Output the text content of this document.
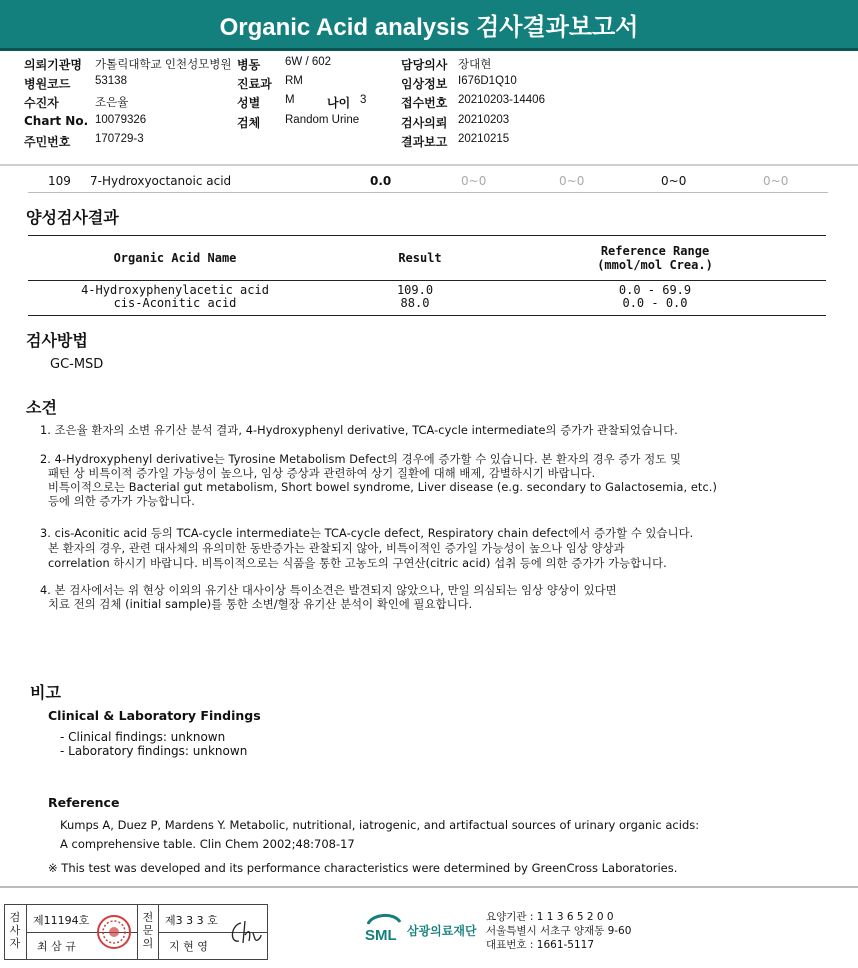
Organic Acid analysis 검사결과보고서
의뢰기관명 가톨릭대학교 인천성모병원 병동 6W / 602	담당의사 장대현
병원코드 53138	진료과 RM	임상정보 I676D1Q10
수진자	조은율	성별 M	나이 3	접수번호 20210203-14406
Chart No. 10079326	검체 Random Urine	검사의뢰 20210203
주민번호 170729-3	결과보고 20210215
109 7-Hydroxyoctanoic acid	0.0	0~0	0~0	0~0	0~0
양성검사결과
Organic Acid Name	Result	Reference Range
(mmol/mol Crea.)
4-Hydroxyphenylacetic acid	109.0	0.0 - 69.9
cis-Aconitic acid	88.0	0.0 - 0.0
검사방법
GC-MSD
소견
1. 조은율 환자의 소변 유기산 분석 결과, 4-Hydroxyphenyl derivative, TCA-cycle intermediate의 증가가 관찰되었습니다.
2. 4-Hydroxyphenyl derivative는 Tyrosine Metabolism Defect의 경우에 증가할 수 있습니다. 본 환자의 경우 증가 정도 및
패턴 상 비특이적 증가일 가능성이 높으나, 임상 증상과 관련하여 상기 질환에 대해 배제, 감별하시기 바랍니다.
비특이적으로는 Bacterial gut metabolism, Short bowel syndrome, Liver disease (e.g. secondary to Galactosemia, etc.)
등에 의한 증가가 가능합니다.
3. cis-Aconitic acid 등의 TCA-cycle intermediate는 TCA-cycle defect, Respiratory chain defect에서 증가할 수 있습니다.
본 환자의 경우, 관련 대사체의 유의미한 동반증가는 관찰되지 않아, 비특이적인 증가일 가능성이 높으나 임상 양상과
correlation 하시기 바랍니다. 비특이적으로는 식품을 통한 고농도의 구연산(citric acid) 섭취 등에 의한 증가가 가능합니다.
4. 본 검사에서는 위 현상 이외의 유기산 대사이상 특이소견은 발견되지 않았으나, 만일 의심되는 임상 양상이 있다면
치료 전의 검체 (initial sample)를 통한 소변/혈장 유기산 분석이 확인에 필요합니다.
비고
Clinical & Laboratory Findings
- Clinical findings: unknown
- Laboratory findings: unknown
Reference
Kumps A, Duez P, Mardens Y. Metabolic, nutritional, iatrogenic, and artifactual sources of urinary organic acids:
A comprehensive table. Clin Chem 2002;48:708-17
※ This test was developed and its performance characteristics were determined by GreenCross Laboratories.
검사자
제11194호
최 삼 규
전문의
제3 3 3 호
지 현 영
SML 삼광의료재단
요양기관 : 1 1 3 6 5 2 0 0
서울특별시 서초구 양재동 9-60
대표번호 : 1661-5117
